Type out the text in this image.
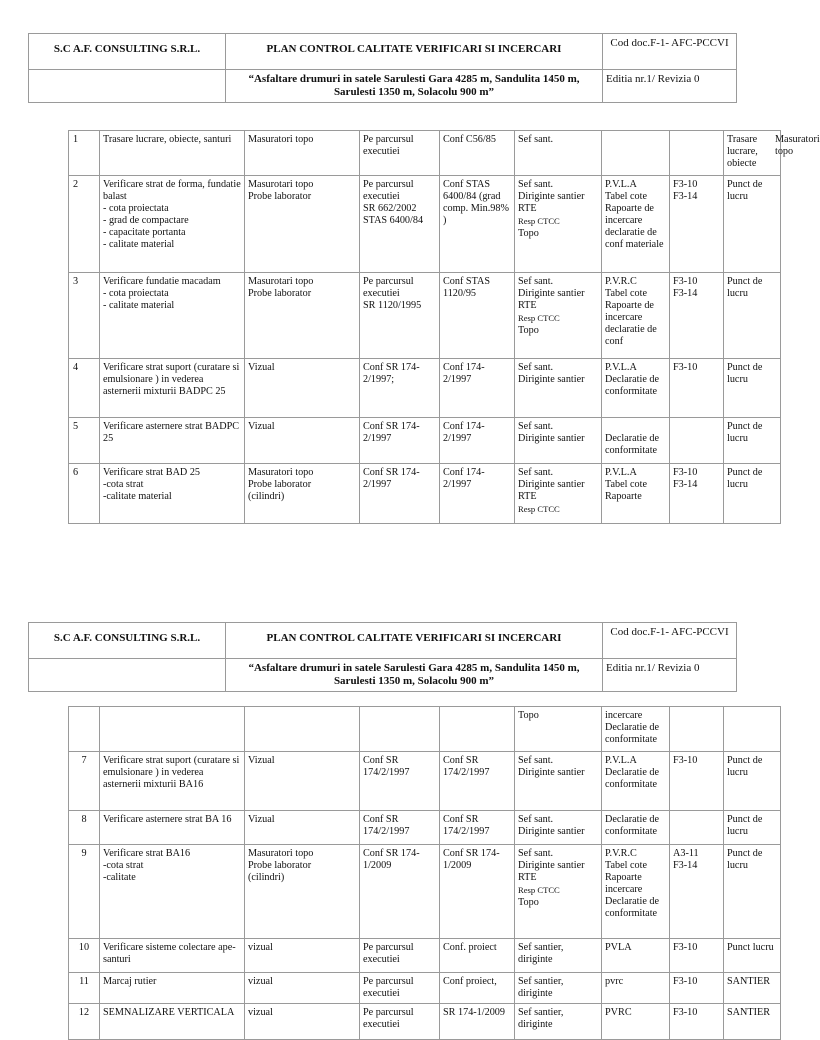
S.C A.F. CONSULTING S.R.L.	PLAN CONTROL CALITATE VERIFICARI SI INCERCARI	Cod doc.F-1- AFC-PCCVI
	“Asfaltare drumuri in satele Sarulesti Gara 4285 m, Sandulita 1450 m, Sarulesti 1350 m, Solacolu 900 m”	Editia nr.1/ Revizia 0
1	Trasare lucrare, obiecte, santuri	Masuratori topo	Pe parcursul executiei	Conf C56/85	Sef sant.			Trasare lucrare, obiecte
Masuratori topo

2	Verificare strat de forma, fundatie balast
- cota proiectata
- grad de compactare
- capacitate portanta
- calitate material	Masurotari topo
Probe laborator	Pe parcursul executiei
SR 662/2002
STAS 6400/84	Conf STAS 6400/84 (grad comp. Min.98% )	Sef sant.
Diriginte santier
RTE
Resp CTCC
Topo	P.V.L.A
Tabel cote
Rapoarte de incercare
declaratie de conf materiale	F3-10
F3-14	Punct de lucru
3	Verificare fundatie macadam
- cota proiectata
- calitate material	Masurotari topo
Probe laborator	Pe parcursul executiei
SR 1120/1995	Conf STAS 1120/95	Sef sant.
Diriginte santier
RTE
Resp CTCC
Topo	P.V.R.C
Tabel cote
Rapoarte de incercare
declaratie de conf	F3-10
F3-14	Punct de lucru
4	Verificare strat suport (curatare si emulsionare ) in vederea asternerii mixturii BADPC 25	Vizual	Conf SR 174-2/1997;	Conf 174-2/1997	Sef sant.
Diriginte santier	P.V.L.A
Declaratie de conformitate	F3-10	Punct de lucru
5	Verificare asternere strat BADPC 25	Vizual	Conf SR 174-2/1997	Conf 174-2/1997	Sef sant.
Diriginte santier	
Declaratie de conformitate		Punct de lucru
6	Verificare strat BAD 25
-cota strat
-calitate material	Masuratori topo
Probe laborator
(cilindri)	Conf SR 174-2/1997	Conf 174-2/1997	Sef sant.
Diriginte santier
RTE
Resp CTCC	P.V.L.A
Tabel cote
Rapoarte	F3-10
F3-14	Punct de lucru
S.C A.F. CONSULTING S.R.L.	PLAN CONTROL CALITATE VERIFICARI SI INCERCARI	Cod doc.F-1- AFC-PCCVI
	“Asfaltare drumuri in satele Sarulesti Gara 4285 m, Sandulita 1450 m, Sarulesti 1350 m, Solacolu 900 m”	Editia nr.1/ Revizia 0
					Topo	incercare
Declaratie de conformitate		
7	Verificare strat suport (curatare si emulsionare ) in vederea asternerii mixturii BA16	Vizual	Conf SR 174/2/1997	Conf SR 174/2/1997	Sef sant.
Diriginte santier	P.V.L.A
Declaratie de conformitate	F3-10	Punct de lucru
8	Verificare asternere strat BA 16	Vizual	Conf SR 174/2/1997	Conf SR 174/2/1997	Sef sant.
Diriginte santier	Declaratie de conformitate		Punct de lucru
9	Verificare strat BA16
-cota strat
-calitate	Masuratori topo
Probe laborator
(cilindri)	Conf SR 174-1/2009	Conf SR 174-1/2009	Sef sant.
Diriginte santier
RTE
Resp CTCC
Topo	P.V.R.C
Tabel cote
Rapoarte incercare
Declaratie de conformitate	A3-11
F3-14	Punct de lucru
10	Verificare sisteme colectare ape- santuri	vizual	Pe parcursul executiei	Conf. proiect	Sef santier, diriginte	PVLA	F3-10	Punct lucru
11	Marcaj rutier	vizual	Pe parcursul executiei	Conf proiect,	Sef santier, diriginte	pvrc	F3-10	SANTIER
12	SEMNALIZARE VERTICALA	vizual	Pe parcursul executiei	SR 174-1/2009	Sef santier, diriginte	PVRC	F3-10	SANTIER
